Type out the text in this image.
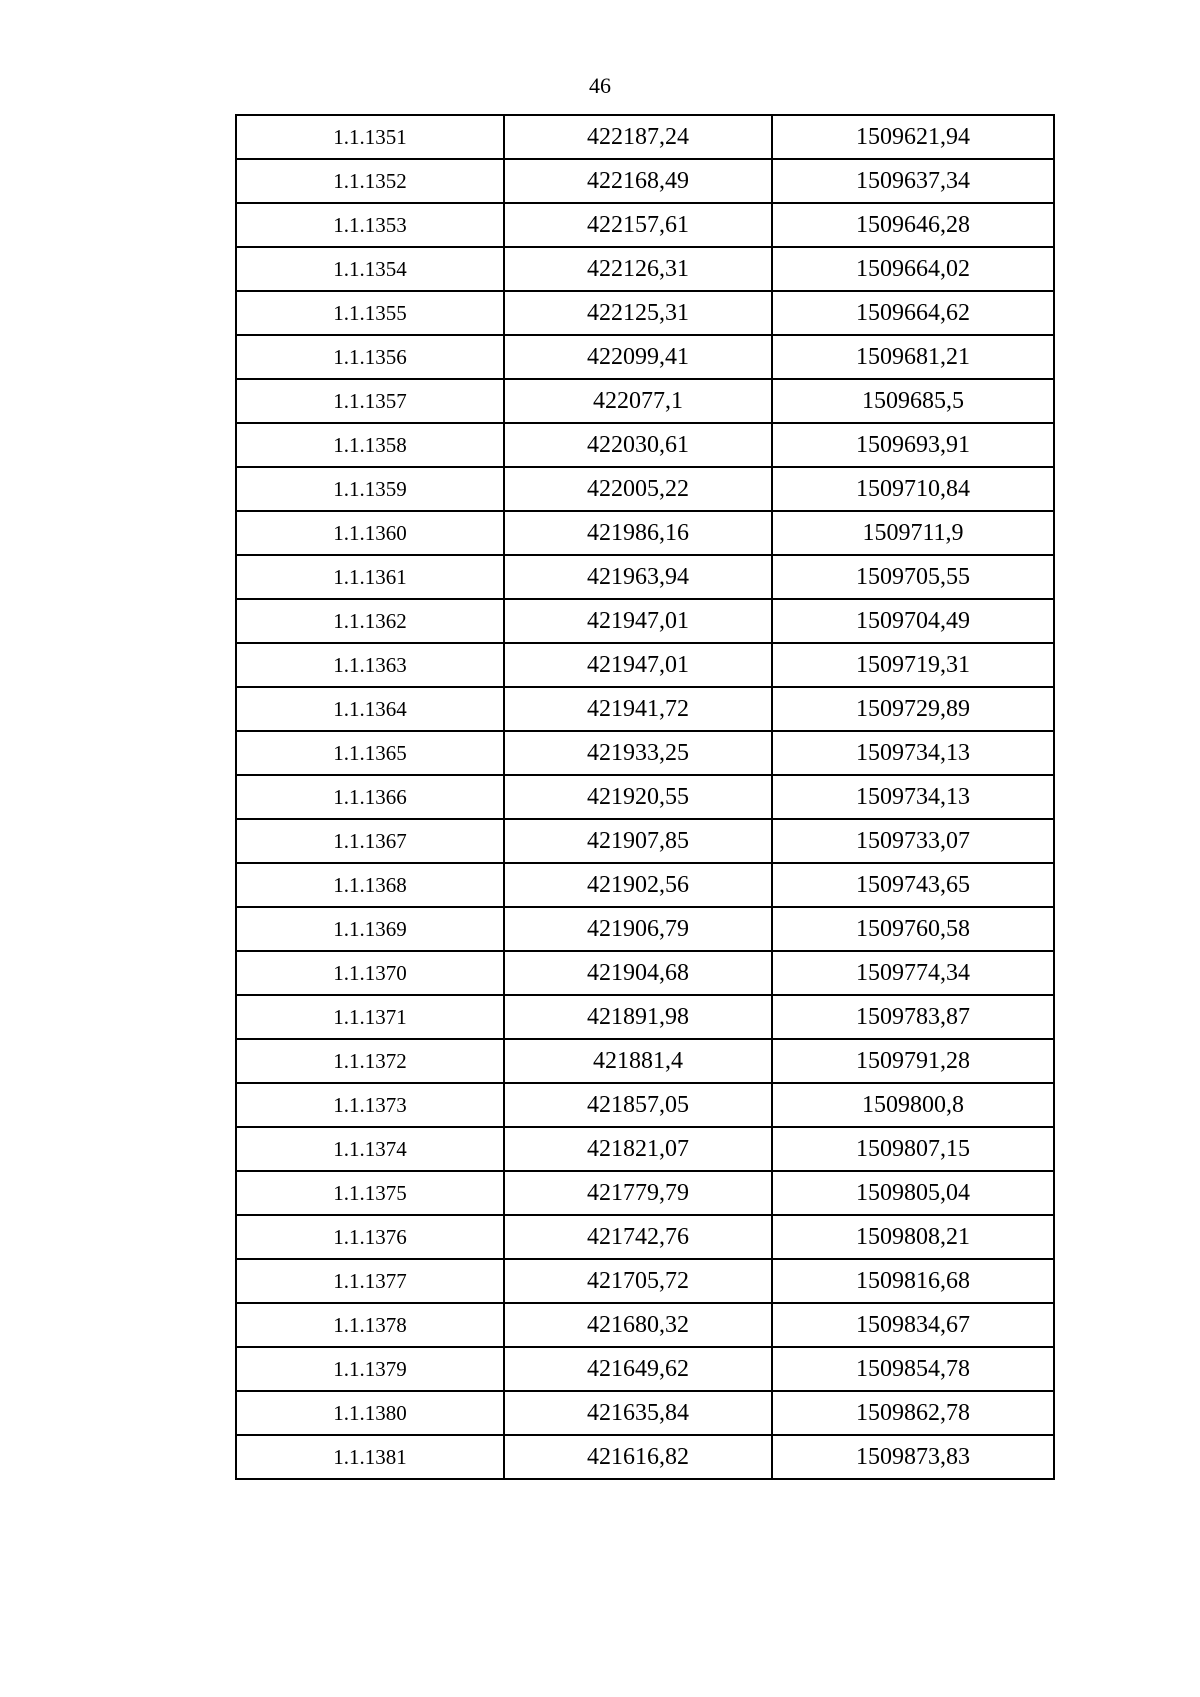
46
1.1.1351	422187,24	1509621,94
1.1.1352	422168,49	1509637,34
1.1.1353	422157,61	1509646,28
1.1.1354	422126,31	1509664,02
1.1.1355	422125,31	1509664,62
1.1.1356	422099,41	1509681,21
1.1.1357	422077,1	1509685,5
1.1.1358	422030,61	1509693,91
1.1.1359	422005,22	1509710,84
1.1.1360	421986,16	1509711,9
1.1.1361	421963,94	1509705,55
1.1.1362	421947,01	1509704,49
1.1.1363	421947,01	1509719,31
1.1.1364	421941,72	1509729,89
1.1.1365	421933,25	1509734,13
1.1.1366	421920,55	1509734,13
1.1.1367	421907,85	1509733,07
1.1.1368	421902,56	1509743,65
1.1.1369	421906,79	1509760,58
1.1.1370	421904,68	1509774,34
1.1.1371	421891,98	1509783,87
1.1.1372	421881,4	1509791,28
1.1.1373	421857,05	1509800,8
1.1.1374	421821,07	1509807,15
1.1.1375	421779,79	1509805,04
1.1.1376	421742,76	1509808,21
1.1.1377	421705,72	1509816,68
1.1.1378	421680,32	1509834,67
1.1.1379	421649,62	1509854,78
1.1.1380	421635,84	1509862,78
1.1.1381	421616,82	1509873,83
